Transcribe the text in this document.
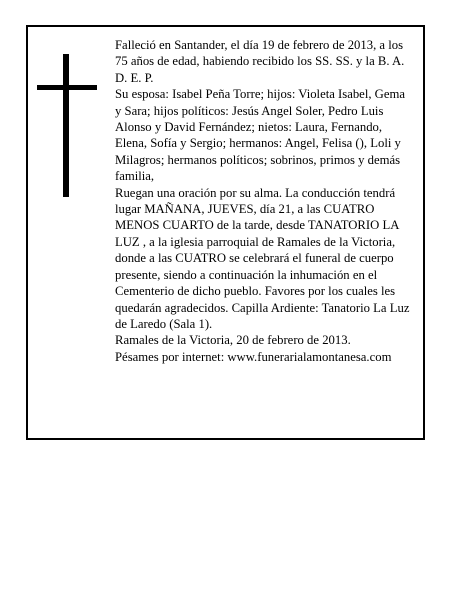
Falleció en Santander, el día 19 de febrero de 2013, a los 75 años de edad, habiendo recibido los SS. SS. y la B. A.

D. E. P.

Su esposa: Isabel Peña Torre; hijos: Violeta Isabel, Gema y Sara; hijos políticos: Jesús Angel Soler, Pedro Luis Alonso y David Fernández; nietos: Laura, Fernando, Elena, Sofía y Sergio; hermanos: Angel, Felisa (), Loli y Milagros; hermanos políticos; sobrinos, primos y demás familia,

Ruegan una oración por su alma. La conducción tendrá lugar MAÑANA, JUEVES, día 21, a las CUATRO MENOS CUARTO de la tarde, desde TANATORIO LA LUZ , a la iglesia parroquial de Ramales de la Victoria, donde a las CUATRO se celebrará el funeral de cuerpo presente, siendo a continuación la inhumación en el Cementerio de dicho pueblo. Favores por los cuales les quedarán agradecidos. Capilla Ardiente: Tanatorio La Luz de Laredo (Sala 1).

Ramales de la Victoria, 20 de febrero de 2013.

Pésames por internet: www.funerarialamontanesa.com
